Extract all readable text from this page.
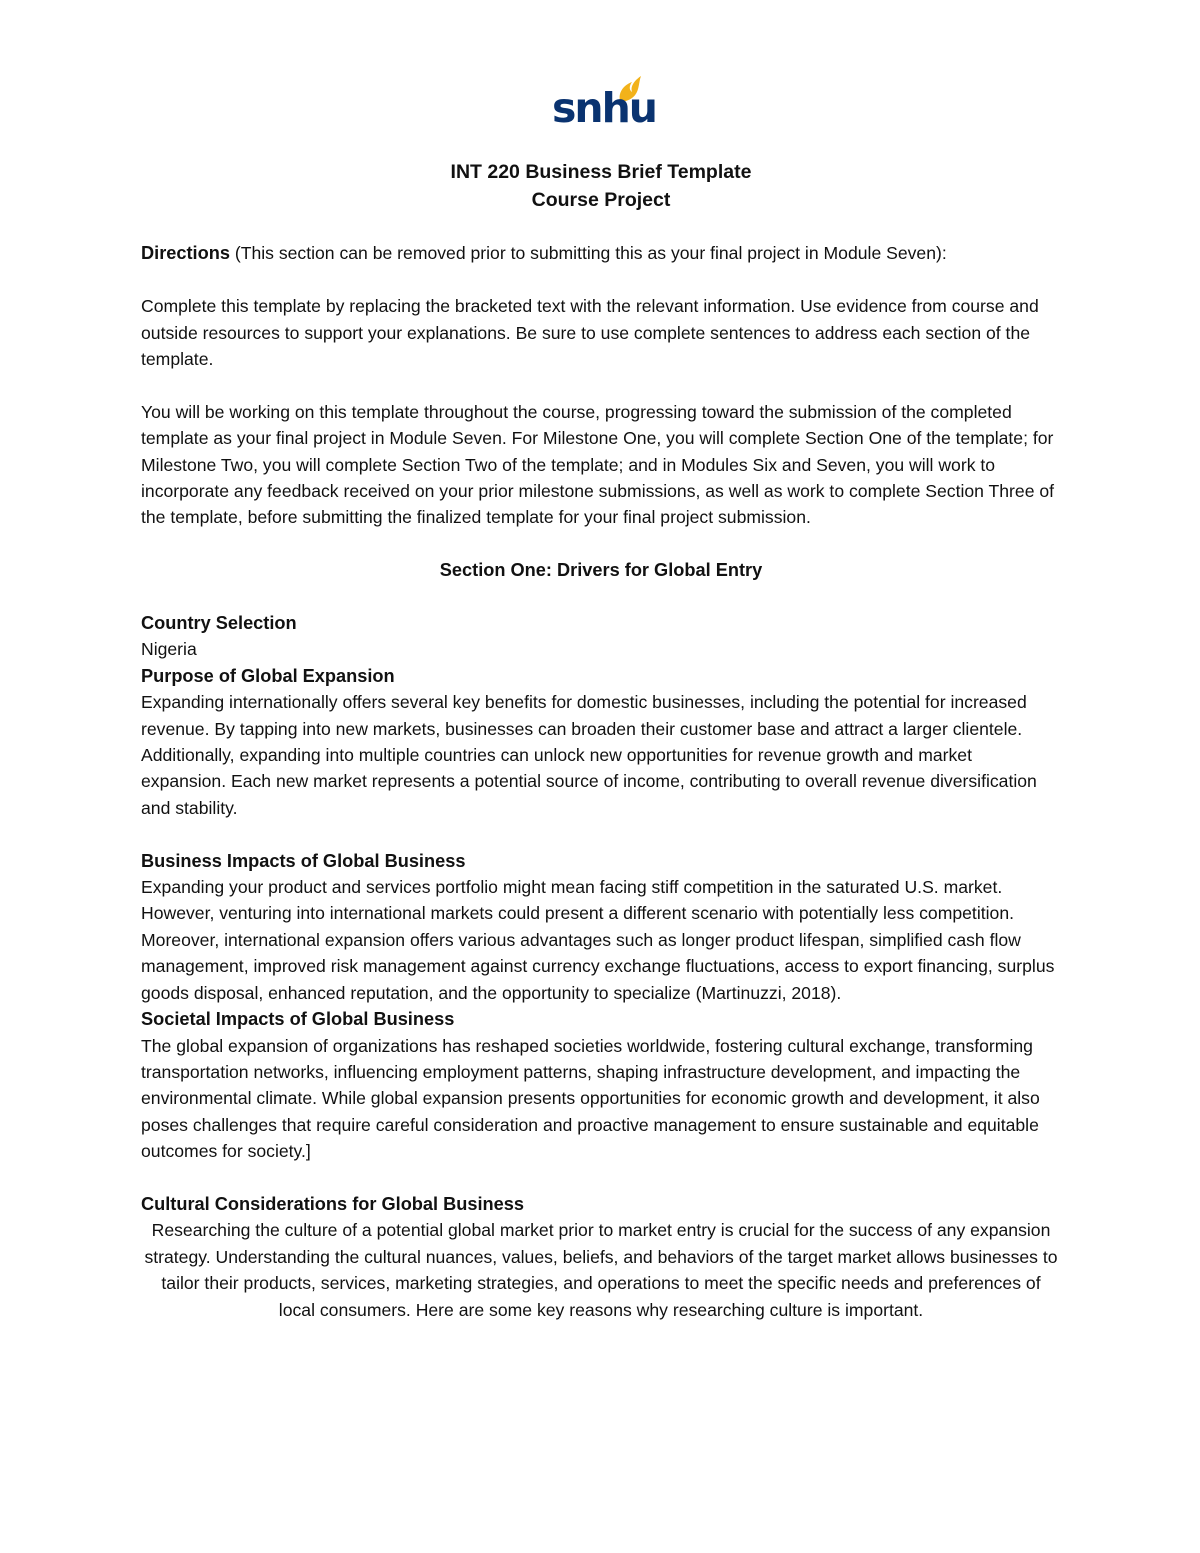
snhu

INT 220 Business Brief Template

Course Project

Directions (This section can be removed prior to submitting this as your final project in Module Seven):

Complete this template by replacing the bracketed text with the relevant information. Use evidence from course and outside resources to support your explanations. Be sure to use complete sentences to address each section of the template.

You will be working on this template throughout the course, progressing toward the submission of the completed template as your final project in Module Seven. For Milestone One, you will complete Section One of the template; for Milestone Two, you will complete Section Two of the template; and in Modules Six and Seven, you will work to incorporate any feedback received on your prior milestone submissions, as well as work to complete Section Three of the template, before submitting the finalized template for your final project submission.

Section One: Drivers for Global Entry

Country Selection

Nigeria

Purpose of Global Expansion

Expanding internationally offers several key benefits for domestic businesses, including the potential for increased revenue. By tapping into new markets, businesses can broaden their customer base and attract a larger clientele. Additionally, expanding into multiple countries can unlock new opportunities for revenue growth and market expansion. Each new market represents a potential source of income, contributing to overall revenue diversification and stability.

Business Impacts of Global Business

Expanding your product and services portfolio might mean facing stiff competition in the saturated U.S. market. However, venturing into international markets could present a different scenario with potentially less competition. Moreover, international expansion offers various advantages such as longer product lifespan, simplified cash flow management, improved risk management against currency exchange fluctuations, access to export financing, surplus goods disposal, enhanced reputation, and the opportunity to specialize (Martinuzzi, 2018).

Societal Impacts of Global Business

The global expansion of organizations has reshaped societies worldwide, fostering cultural exchange, transforming transportation networks, influencing employment patterns, shaping infrastructure development, and impacting the environmental climate. While global expansion presents opportunities for economic growth and development, it also poses challenges that require careful consideration and proactive management to ensure sustainable and equitable outcomes for society.]

Cultural Considerations for Global Business

Researching the culture of a potential global market prior to market entry is crucial for the success of any expansion strategy. Understanding the cultural nuances, values, beliefs, and behaviors of the target market allows businesses to tailor their products, services, marketing strategies, and operations to meet the specific needs and preferences of local consumers. Here are some key reasons why researching culture is important.
